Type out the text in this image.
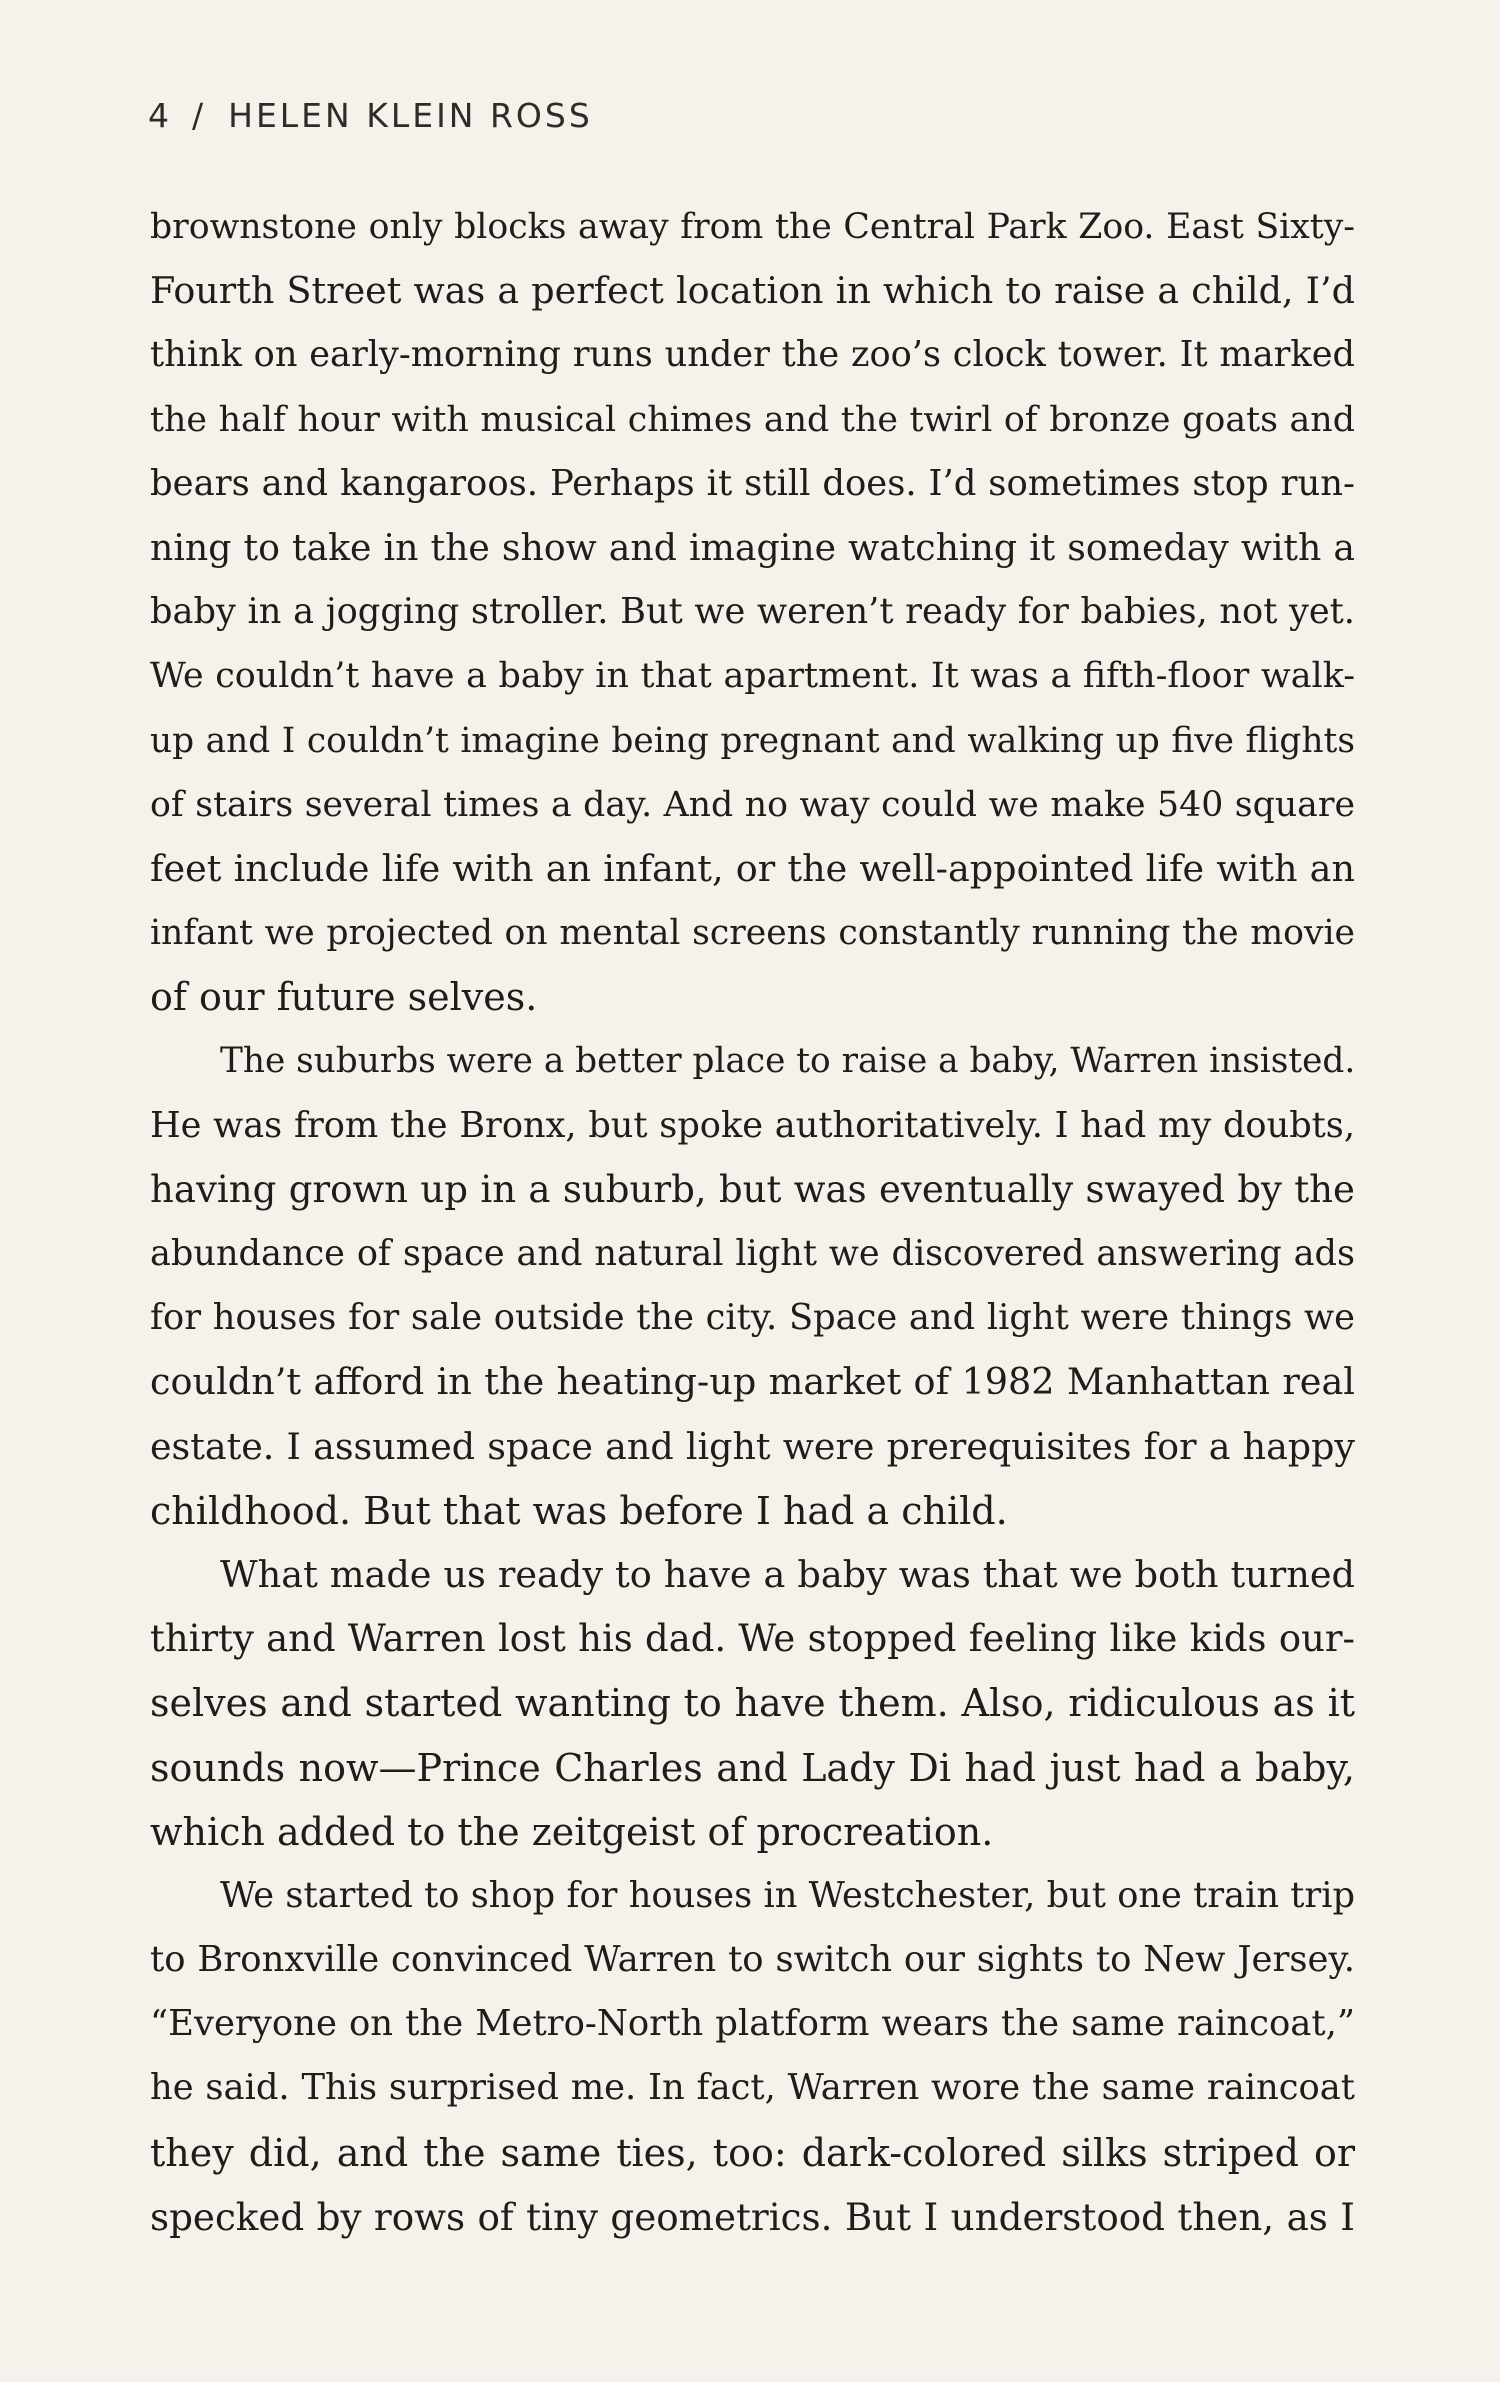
4 / HELEN KLEIN ROSS
brownstone only blocks away from the Central Park Zoo. East Sixty-
Fourth Street was a perfect location in which to raise a child, I’d
think on early-morning runs under the zoo’s clock tower. It marked
the half hour with musical chimes and the twirl of bronze goats and
bears and kangaroos. Perhaps it still does. I’d sometimes stop run-
ning to take in the show and imagine watching it someday with a
baby in a jogging stroller. But we weren’t ready for babies, not yet.
We couldn’t have a baby in that apartment. It was a fifth-floor walk-
up and I couldn’t imagine being pregnant and walking up five flights
of stairs several times a day. And no way could we make 540 square
feet include life with an infant, or the well-appointed life with an
infant we projected on mental screens constantly running the movie
of our future selves.
The suburbs were a better place to raise a baby, Warren insisted.
He was from the Bronx, but spoke authoritatively. I had my doubts,
having grown up in a suburb, but was eventually swayed by the
abundance of space and natural light we discovered answering ads
for houses for sale outside the city. Space and light were things we
couldn’t afford in the heating-up market of 1982 Manhattan real
estate. I assumed space and light were prerequisites for a happy
childhood. But that was before I had a child.
What made us ready to have a baby was that we both turned
thirty and Warren lost his dad. We stopped feeling like kids our-
selves and started wanting to have them. Also, ridiculous as it
sounds now—Prince Charles and Lady Di had just had a baby,
which added to the zeitgeist of procreation.
We started to shop for houses in Westchester, but one train trip
to Bronxville convinced Warren to switch our sights to New Jersey.
“Everyone on the Metro-North platform wears the same raincoat,”
he said. This surprised me. In fact, Warren wore the same raincoat
they did, and the same ties, too: dark-colored silks striped or
specked by rows of tiny geometrics. But I understood then, as I
